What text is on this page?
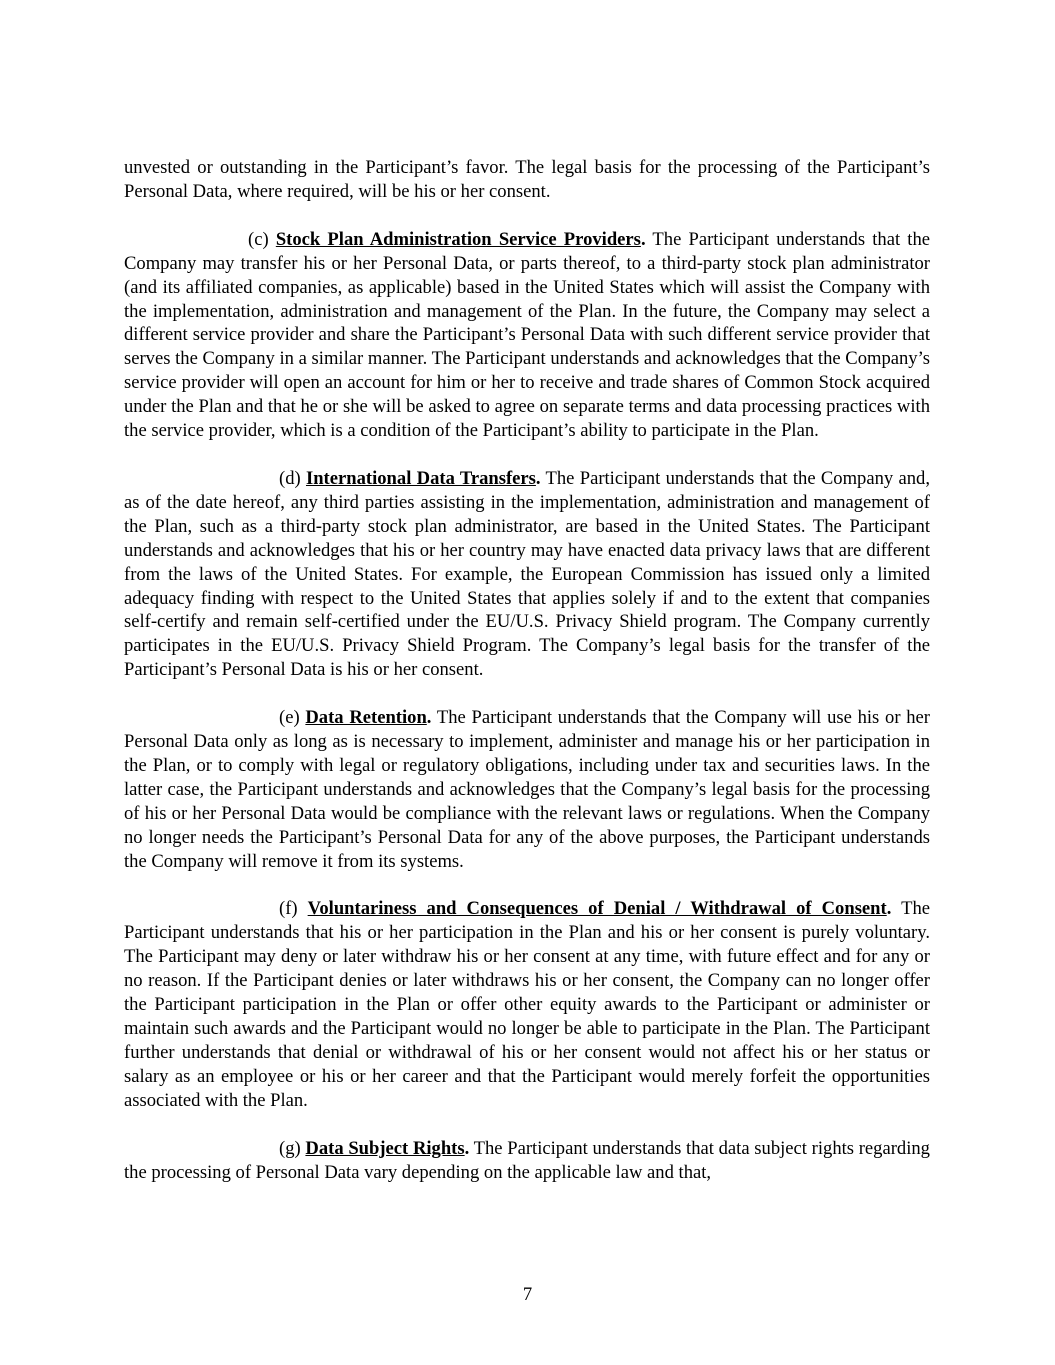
unvested or outstanding in the Participant’s favor. The legal basis for the processing of the Participant’s Personal Data, where required, will be his or her consent.

(c) Stock Plan Administration Service Providers. The Participant understands that the Company may transfer his or her Personal Data, or parts thereof, to a third-party stock plan administrator (and its affiliated companies, as applicable) based in the United States which will assist the Company with the implementation, administration and management of the Plan. In the future, the Company may select a different service provider and share the Participant’s Personal Data with such different service provider that serves the Company in a similar manner. The Participant understands and acknowledges that the Company’s service provider will open an account for him or her to receive and trade shares of Common Stock acquired under the Plan and that he or she will be asked to agree on separate terms and data processing practices with the service provider, which is a condition of the Participant’s ability to participate in the Plan.

(d) International Data Transfers. The Participant understands that the Company and, as of the date hereof, any third parties assisting in the implementation, administration and management of the Plan, such as a third-party stock plan administrator, are based in the United States. The Participant understands and acknowledges that his or her country may have enacted data privacy laws that are different from the laws of the United States. For example, the European Commission has issued only a limited adequacy finding with respect to the United States that applies solely if and to the extent that companies self-certify and remain self-certified under the EU/U.S. Privacy Shield program. The Company currently participates in the EU/U.S. Privacy Shield Program. The Company’s legal basis for the transfer of the Participant’s Personal Data is his or her consent.

(e) Data Retention. The Participant understands that the Company will use his or her Personal Data only as long as is necessary to implement, administer and manage his or her participation in the Plan, or to comply with legal or regulatory obligations, including under tax and securities laws. In the latter case, the Participant understands and acknowledges that the Company’s legal basis for the processing of his or her Personal Data would be compliance with the relevant laws or regulations. When the Company no longer needs the Participant’s Personal Data for any of the above purposes, the Participant understands the Company will remove it from its systems.

(f) Voluntariness and Consequences of Denial / Withdrawal of Consent. The Participant understands that his or her participation in the Plan and his or her consent is purely voluntary. The Participant may deny or later withdraw his or her consent at any time, with future effect and for any or no reason. If the Participant denies or later withdraws his or her consent, the Company can no longer offer the Participant participation in the Plan or offer other equity awards to the Participant or administer or maintain such awards and the Participant would no longer be able to participate in the Plan. The Participant further understands that denial or withdrawal of his or her consent would not affect his or her status or salary as an employee or his or her career and that the Participant would merely forfeit the opportunities associated with the Plan.

(g) Data Subject Rights. The Participant understands that data subject rights regarding the processing of Personal Data vary depending on the applicable law and that,

7
